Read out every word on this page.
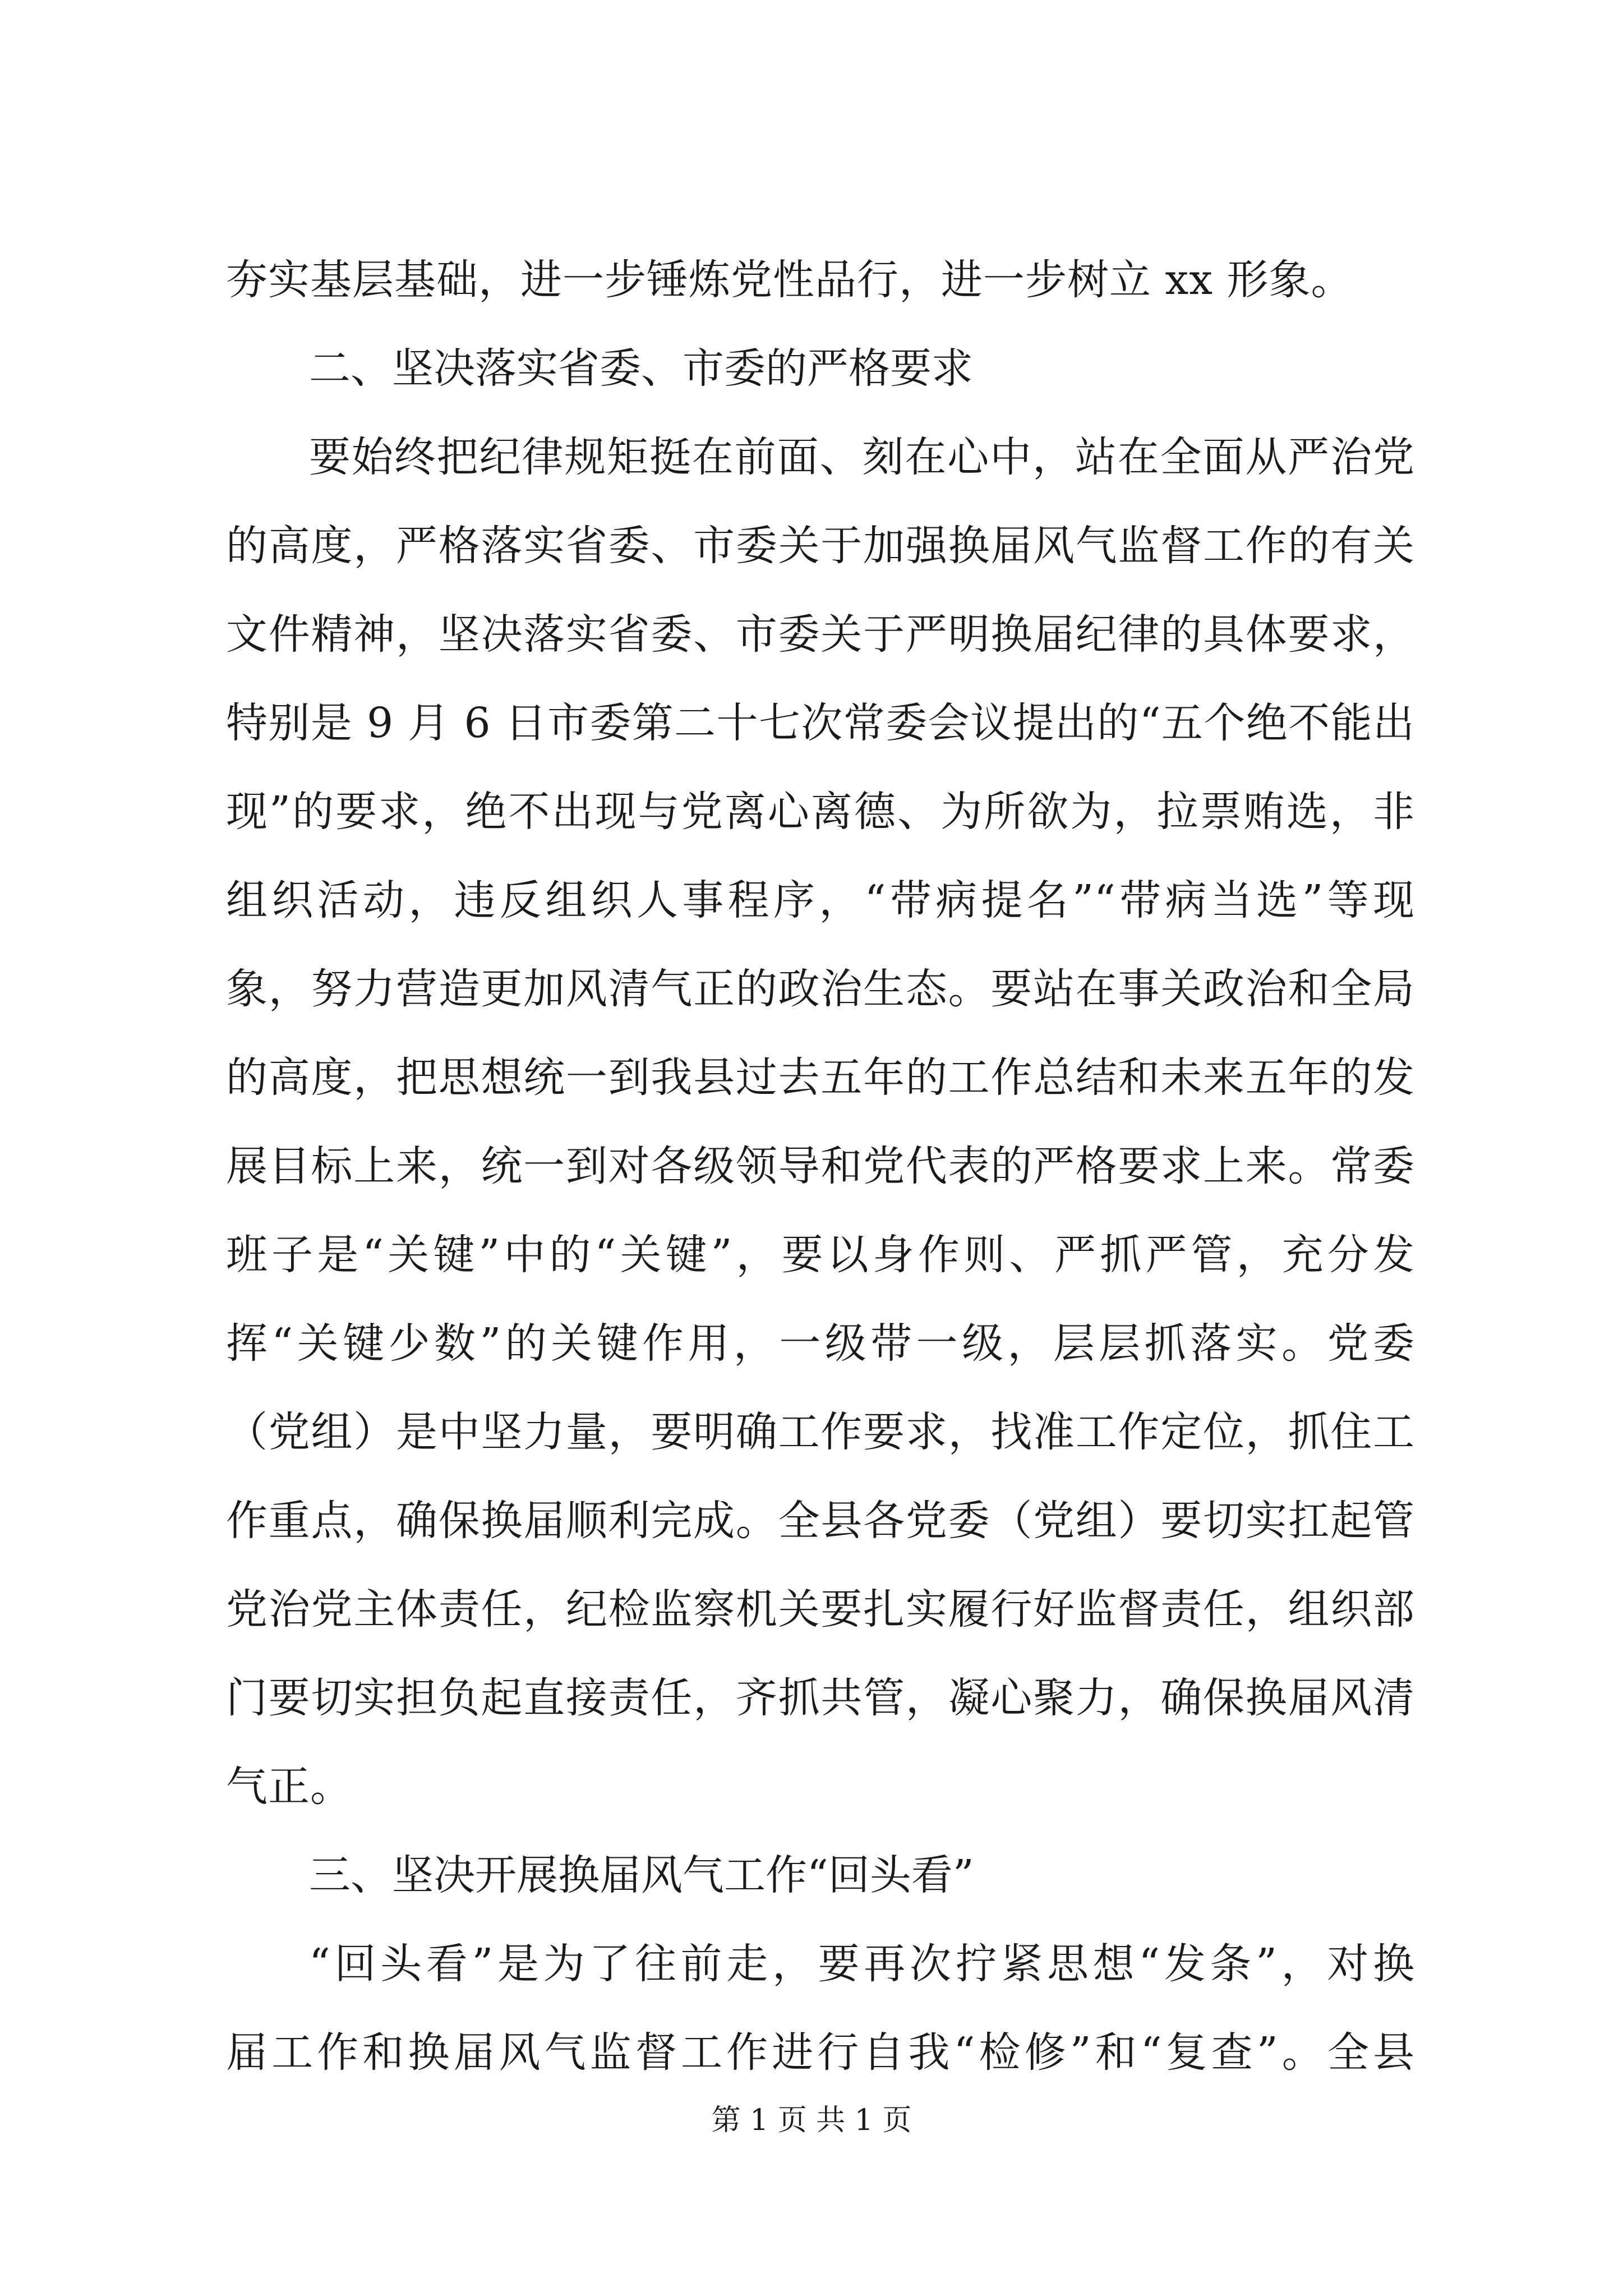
夯实基层基础，进一步锤炼党性品行，进一步树立 xx 形象。
二、坚决落实省委、市委的严格要求
要始终把纪律规矩挺在前面、刻在心中，站在全面从严治党
的高度，严格落实省委、市委关于加强换届风气监督工作的有关
文件精神，坚决落实省委、市委关于严明换届纪律的具体要求，
特别是 9 月 6 日市委第二十七次常委会议提出的“五个绝不能出
现”的要求，绝不出现与党离心离德、为所欲为，拉票贿选，非
组织活动，违反组织人事程序，“带病提名”“带病当选”等现
象，努力营造更加风清气正的政治生态。要站在事关政治和全局
的高度，把思想统一到我县过去五年的工作总结和未来五年的发
展目标上来，统一到对各级领导和党代表的严格要求上来。常委
班子是“关键”中的“关键”，要以身作则、严抓严管，充分发
挥“关键少数”的关键作用，一级带一级，层层抓落实。党委
（党组）是中坚力量，要明确工作要求，找准工作定位，抓住工
作重点，确保换届顺利完成。全县各党委（党组）要切实扛起管
党治党主体责任，纪检监察机关要扎实履行好监督责任，组织部
门要切实担负起直接责任，齐抓共管，凝心聚力，确保换届风清
气正。
三、坚决开展换届风气工作“回头看”
“回头看”是为了往前走，要再次拧紧思想“发条”，对换
届工作和换届风气监督工作进行自我“检修”和“复查”。全县
第 1 页 共 1 页
